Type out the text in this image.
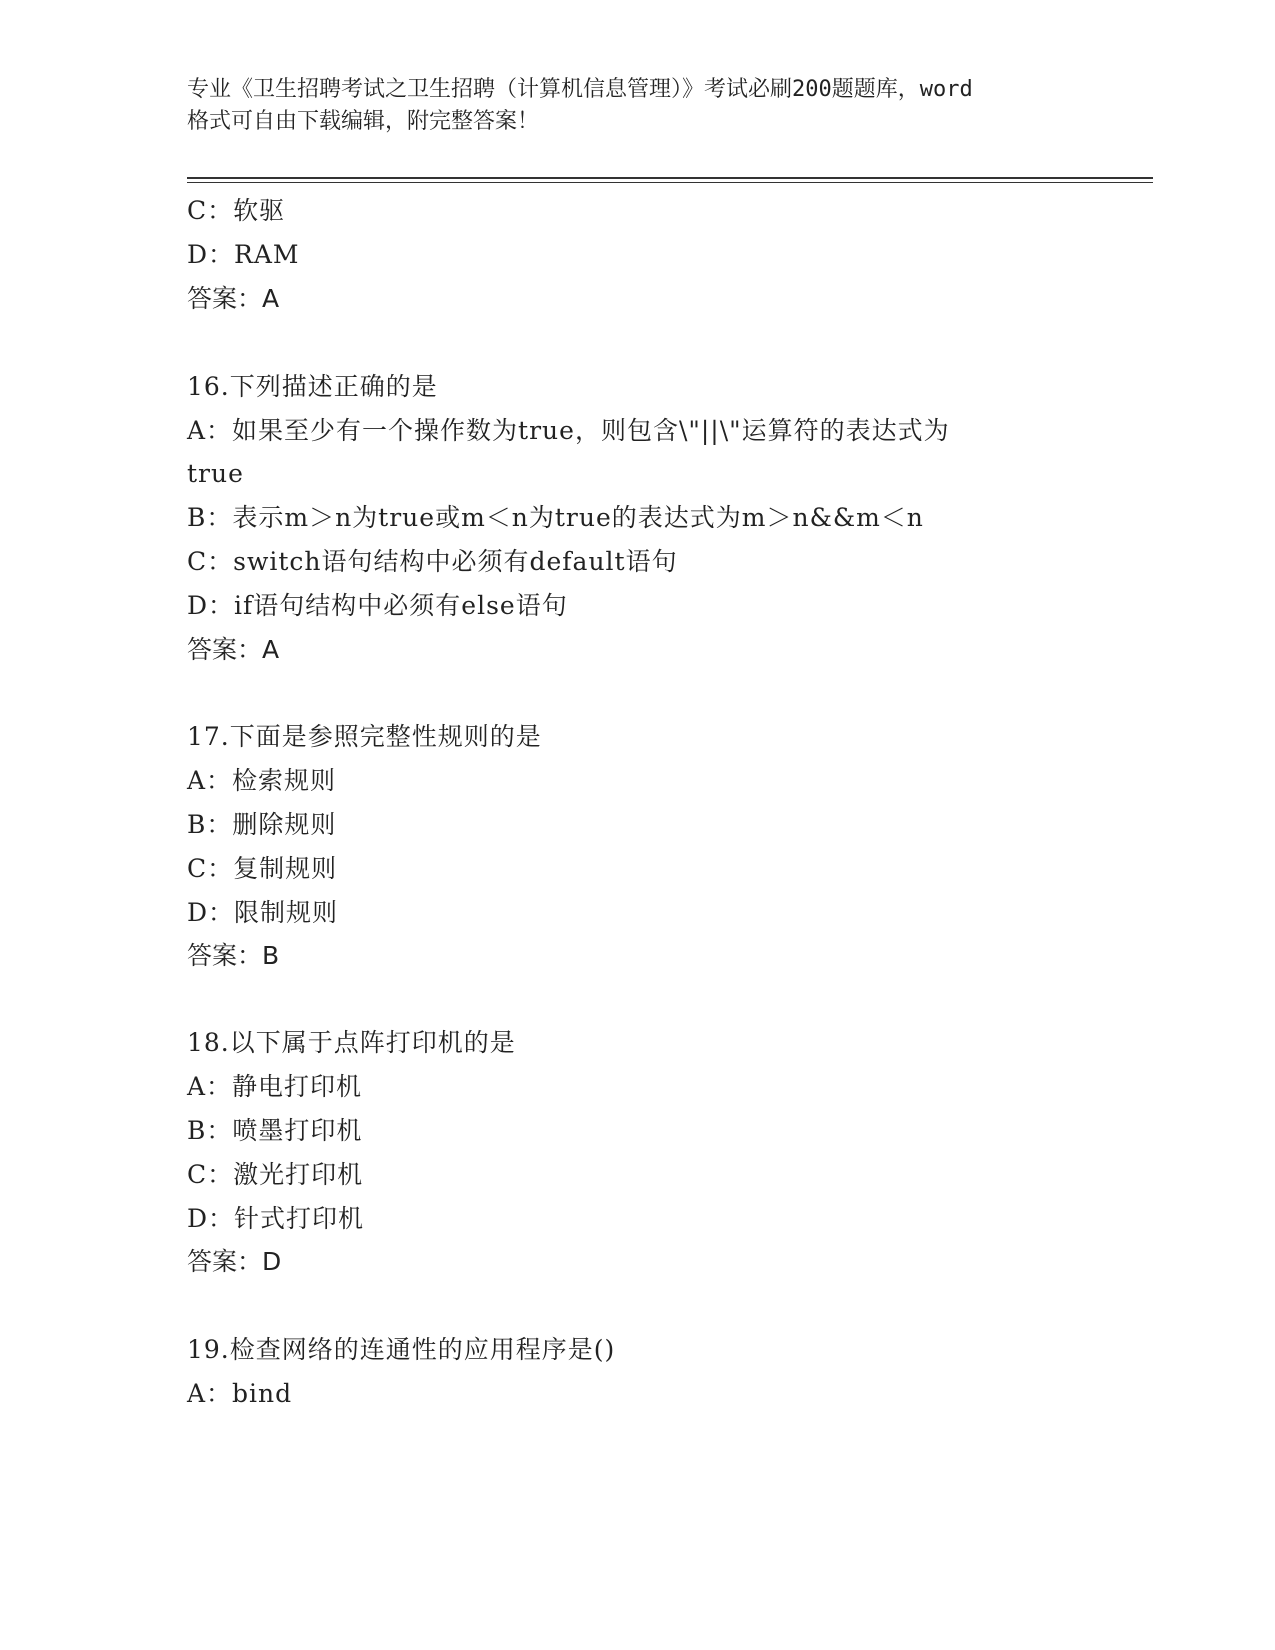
专业《卫生招聘考试之卫生招聘（计算机信息管理）》考试必刷200题题库，word
格式可自由下载编辑，附完整答案！
C：软驱
D：RAM
答案：A
16.下列描述正确的是
A：如果至少有一个操作数为true，则包含\"||\"运算符的表达式为
true
B：表示m＞n为true或m＜n为true的表达式为m＞n&&m＜n
C：switch语句结构中必须有default语句
D：if语句结构中必须有else语句
答案：A
17.下面是参照完整性规则的是
A：检索规则
B：删除规则
C：复制规则
D：限制规则
答案：B
18.以下属于点阵打印机的是
A：静电打印机
B：喷墨打印机
C：激光打印机
D：针式打印机
答案：D
19.检查网络的连通性的应用程序是()
A：bind
